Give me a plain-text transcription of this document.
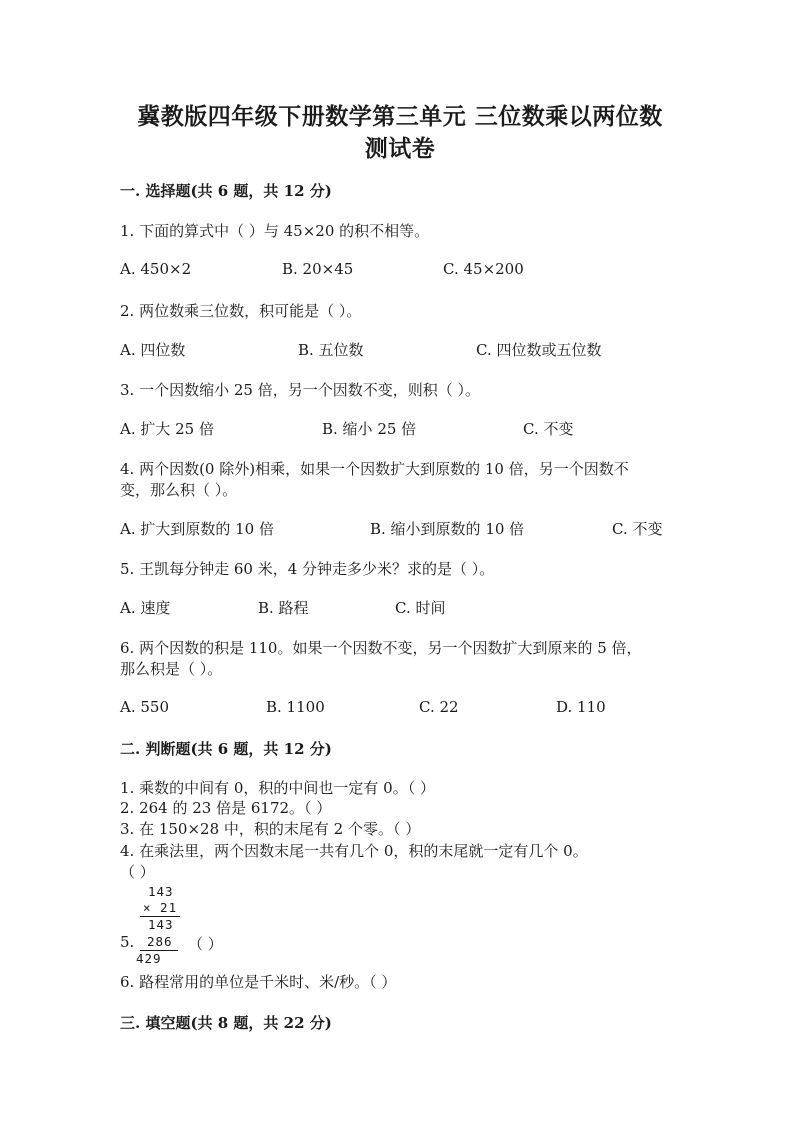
冀教版四年级下册数学第三单元 三位数乘以两位数
测试卷
一. 选择题(共 6 题，共 12 分)
1. 下面的算式中（ ）与 45×20 的积不相等。
A. 450×2	B. 20×45	C. 45×200
2. 两位数乘三位数，积可能是（ ）。
A. 四位数	B. 五位数	C. 四位数或五位数
3. 一个因数缩小 25 倍，另一个因数不变，则积（ ）。
A. 扩大 25 倍	B. 缩小 25 倍	C. 不变
4. 两个因数(0 除外)相乘，如果一个因数扩大到原数的 10 倍，另一个因数不
变，那么积（ ）。
A. 扩大到原数的 10 倍	B. 缩小到原数的 10 倍	C. 不变
5. 王凯每分钟走 60 米，4 分钟走多少米？求的是（ ）。
A. 速度	B. 路程	C. 时间
6. 两个因数的积是 110。如果一个因数不变，另一个因数扩大到原来的 5 倍，
那么积是（ ）。
A. 550	B. 1100	C. 22	D. 110
二. 判断题(共 6 题，共 12 分)
1. 乘数的中间有 0，积的中间也一定有 0。（ ）
2. 264 的 23 倍是 6172。（ ）
3. 在 150×28 中，积的末尾有 2 个零。（ ）
4. 在乘法里，两个因数末尾一共有几个 0，积的末尾就一定有几个 0。
（ ）
143
× 21
143
5. 286 （ ）
429
6. 路程常用的单位是千米时、米/秒。（ ）
三. 填空题(共 8 题，共 22 分)
